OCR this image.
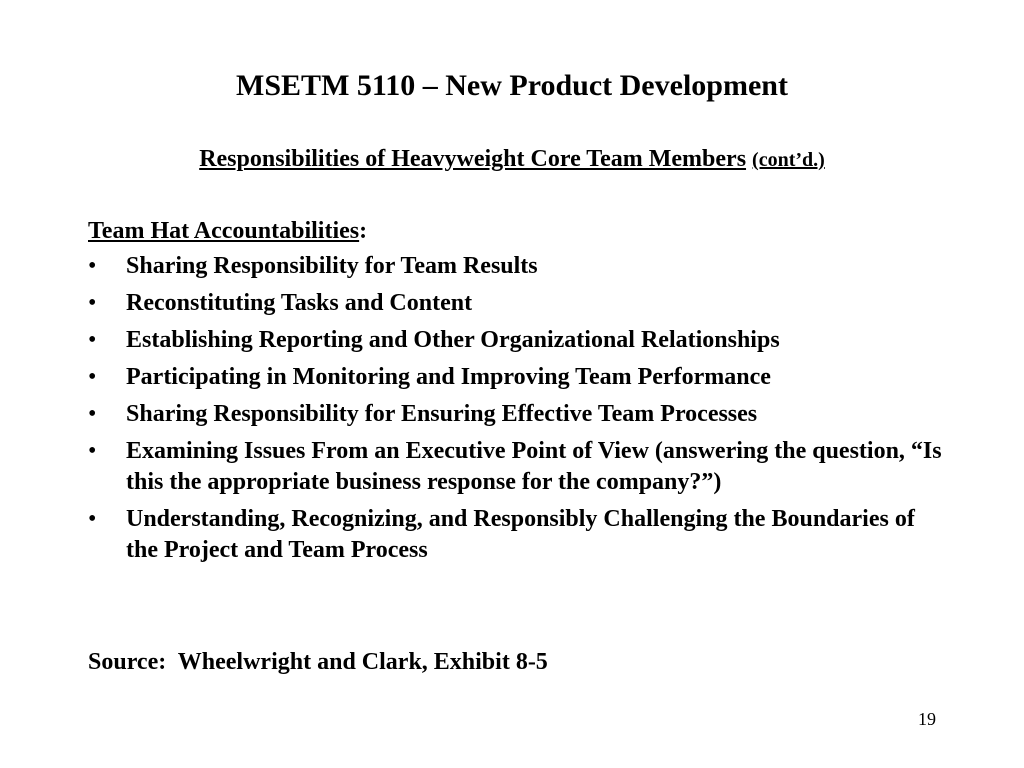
MSETM 5110 – New Product Development
Responsibilities of Heavyweight Core Team Members (cont’d.)

Team Hat Accountabilities:

• Sharing Responsibility for Team Results
• Reconstituting Tasks and Content
• Establishing Reporting and Other Organizational Relationships
• Participating in Monitoring and Improving Team Performance
• Sharing Responsibility for Ensuring Effective Team Processes
• Examining Issues From an Executive Point of View (answering the question, “Is this the appropriate business response for the company?”)
• Understanding, Recognizing, and Responsibly Challenging the Boundaries of the Project and Team Process

Source:  Wheelwright and Clark, Exhibit 8-5

19
